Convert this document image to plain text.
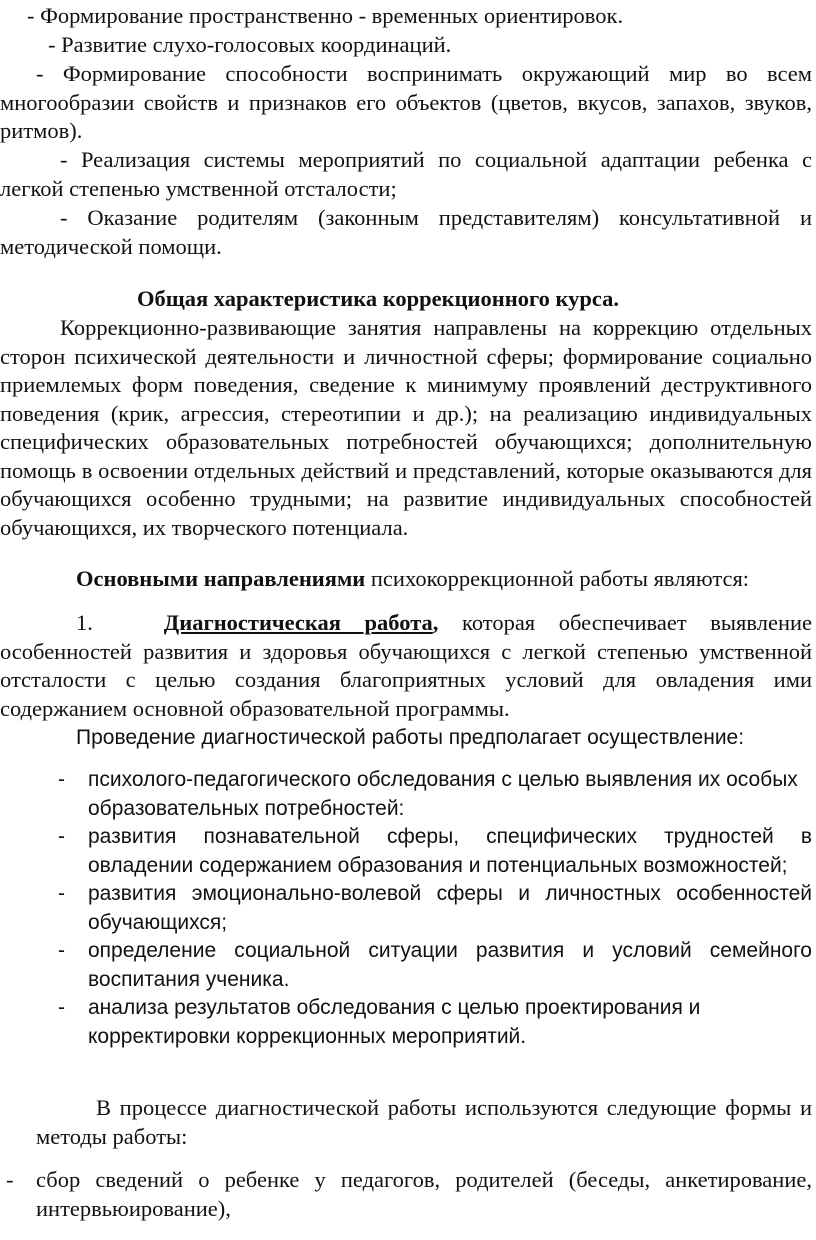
- Формирование пространственно - временных ориентировок.

- Развитие слухо-голосовых координаций.

- Формирование способности воспринимать окружающий мир во всем многообразии свойств и признаков его объектов (цветов, вкусов, запахов, звуков, ритмов).

- Реализация системы мероприятий по социальной адаптации ребенка с легкой степенью умственной отсталости;

- Оказание родителям (законным представителям) консультативной и методической помощи.

Общая характеристика коррекционного курса.

Коррекционно-развивающие занятия направлены на коррекцию отдельных сторон психической деятельности и личностной сферы; формирование социально приемлемых форм поведения, сведение к минимуму проявлений деструктивного поведения (крик, агрессия, стереотипии и др.); на реализацию индивидуальных специфических образовательных потребностей обучающихся; дополнительную помощь в освоении отдельных действий и представлений, которые оказываются для обучающихся особенно трудными; на развитие индивидуальных способностей обучающихся, их творческого потенциала.

Основными направлениями психокоррекционной работы являются:

1.	Диагностическая работа, которая обеспечивает выявление особенностей развития и здоровья обучающихся с легкой степенью умственной отсталости с целью создания благоприятных условий для овладения ими содержанием основной образовательной программы.

Проведение диагностической работы предполагает осуществление:

- психолого-педагогического обследования с целью выявления их особых образовательных потребностей:
- развития познавательной сферы, специфических трудностей в овладении содержанием образования и потенциальных возможностей;
- развития эмоционально-волевой сферы и личностных особенностей обучающихся;
- определение социальной ситуации развития и условий семейного воспитания ученика.
- анализа результатов обследования с целью проектирования и корректировки коррекционных мероприятий.

В процессе диагностической работы используются следующие формы и методы работы:

- сбор сведений о ребенке у педагогов, родителей (беседы, анкетирование, интервьюирование),
